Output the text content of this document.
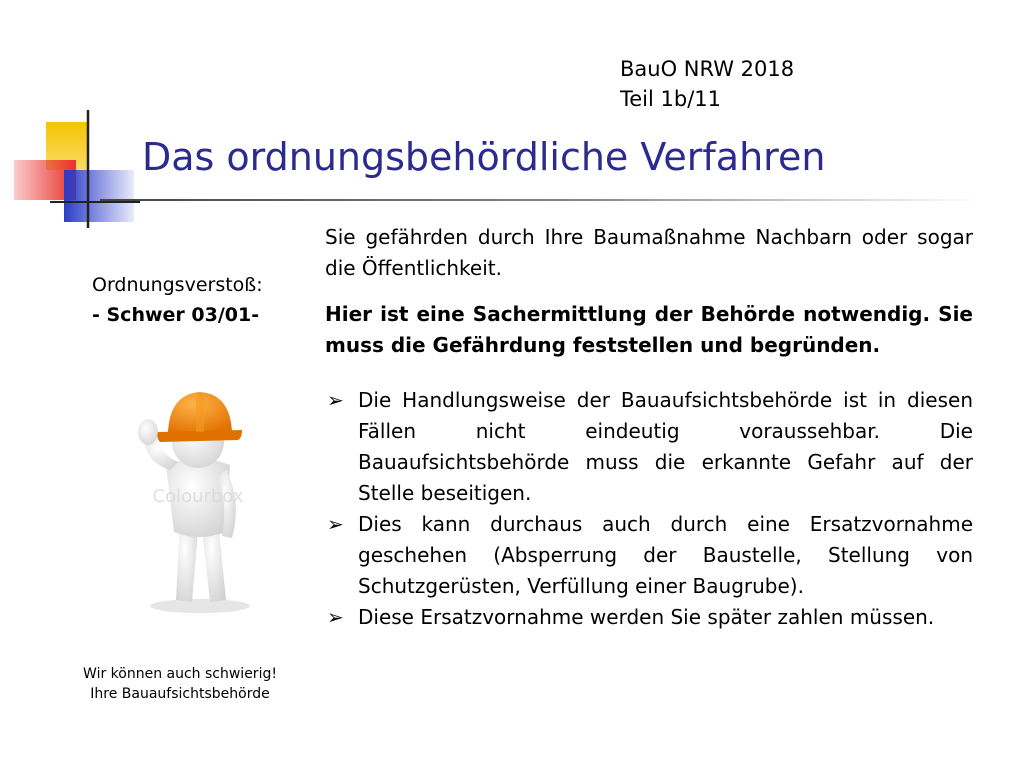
BauO NRW 2018
Teil 1b/11
Das ordnungsbehördliche Verfahren
Ordnungsverstoß:
- Schwer 03/01-
Colourbox
Wir können auch schwierig!
Ihre Bauaufsichtsbehörde

Sie gefährden durch Ihre Baumaßnahme Nachbarn oder sogar die Öffentlichkeit.

Hier ist eine Sachermittlung der Behörde notwendig. Sie muss die Gefährdung feststellen und begründen.

➢ Die Handlungsweise der Bauaufsichtsbehörde ist in diesen Fällen nicht eindeutig voraussehbar. Die Bauaufsichtsbehörde muss die erkannte Gefahr auf der Stelle beseitigen.
➢ Dies kann durchaus auch durch eine Ersatzvornahme geschehen (Absperrung der Baustelle, Stellung von Schutzgerüsten, Verfüllung einer Baugrube).
➢ Diese Ersatzvornahme werden Sie später zahlen müssen.
